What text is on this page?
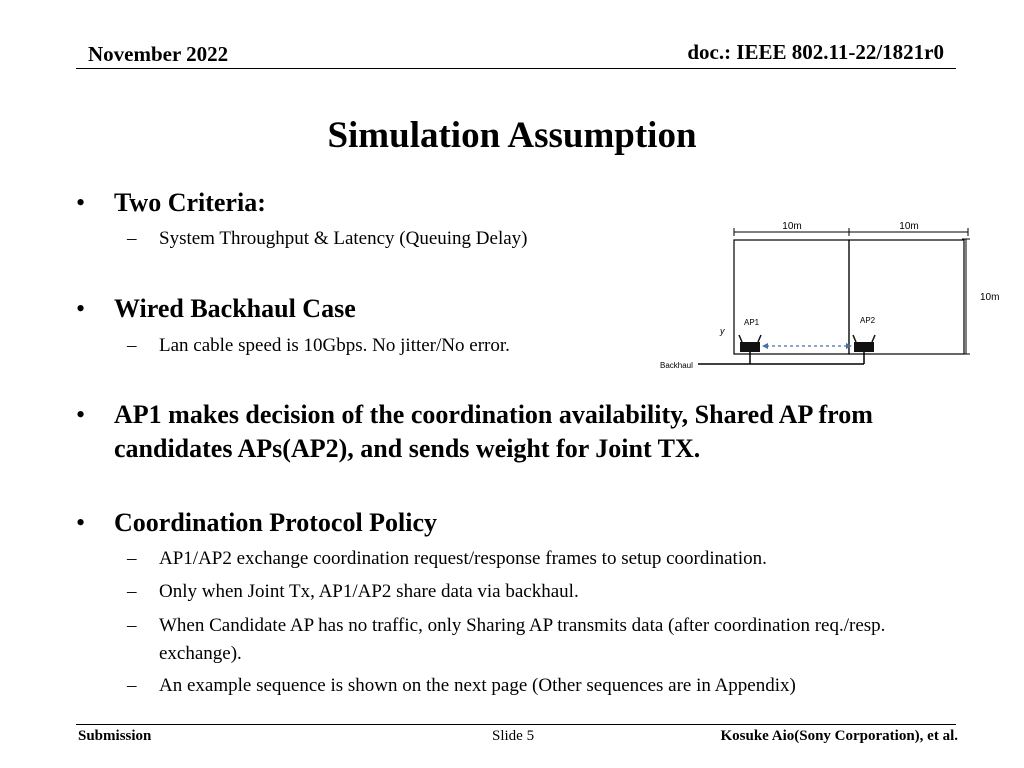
November 2022	doc.: IEEE 802.11-22/1821r0
Simulation Assumption
• Two Criteria:
– System Throughput & Latency (Queuing Delay)
• Wired Backhaul Case
– Lan cable speed is 10Gbps. No jitter/No error.
• AP1 makes decision of the coordination availability, Shared AP from candidates APs(AP2), and sends weight for Joint TX.
• Coordination Protocol Policy
– AP1/AP2 exchange coordination request/response frames to setup coordination.
– Only when Joint Tx, AP1/AP2 share data via backhaul.
– When Candidate AP has no traffic, only Sharing AP transmits data (after coordination req./resp. exchange).
– An example sequence is shown on the next page (Other sequences are in Appendix)
10m	10m
10m
AP1	AP2
y
Backhaul
Submission	Slide 5	Kosuke Aio(Sony Corporation), et al.
